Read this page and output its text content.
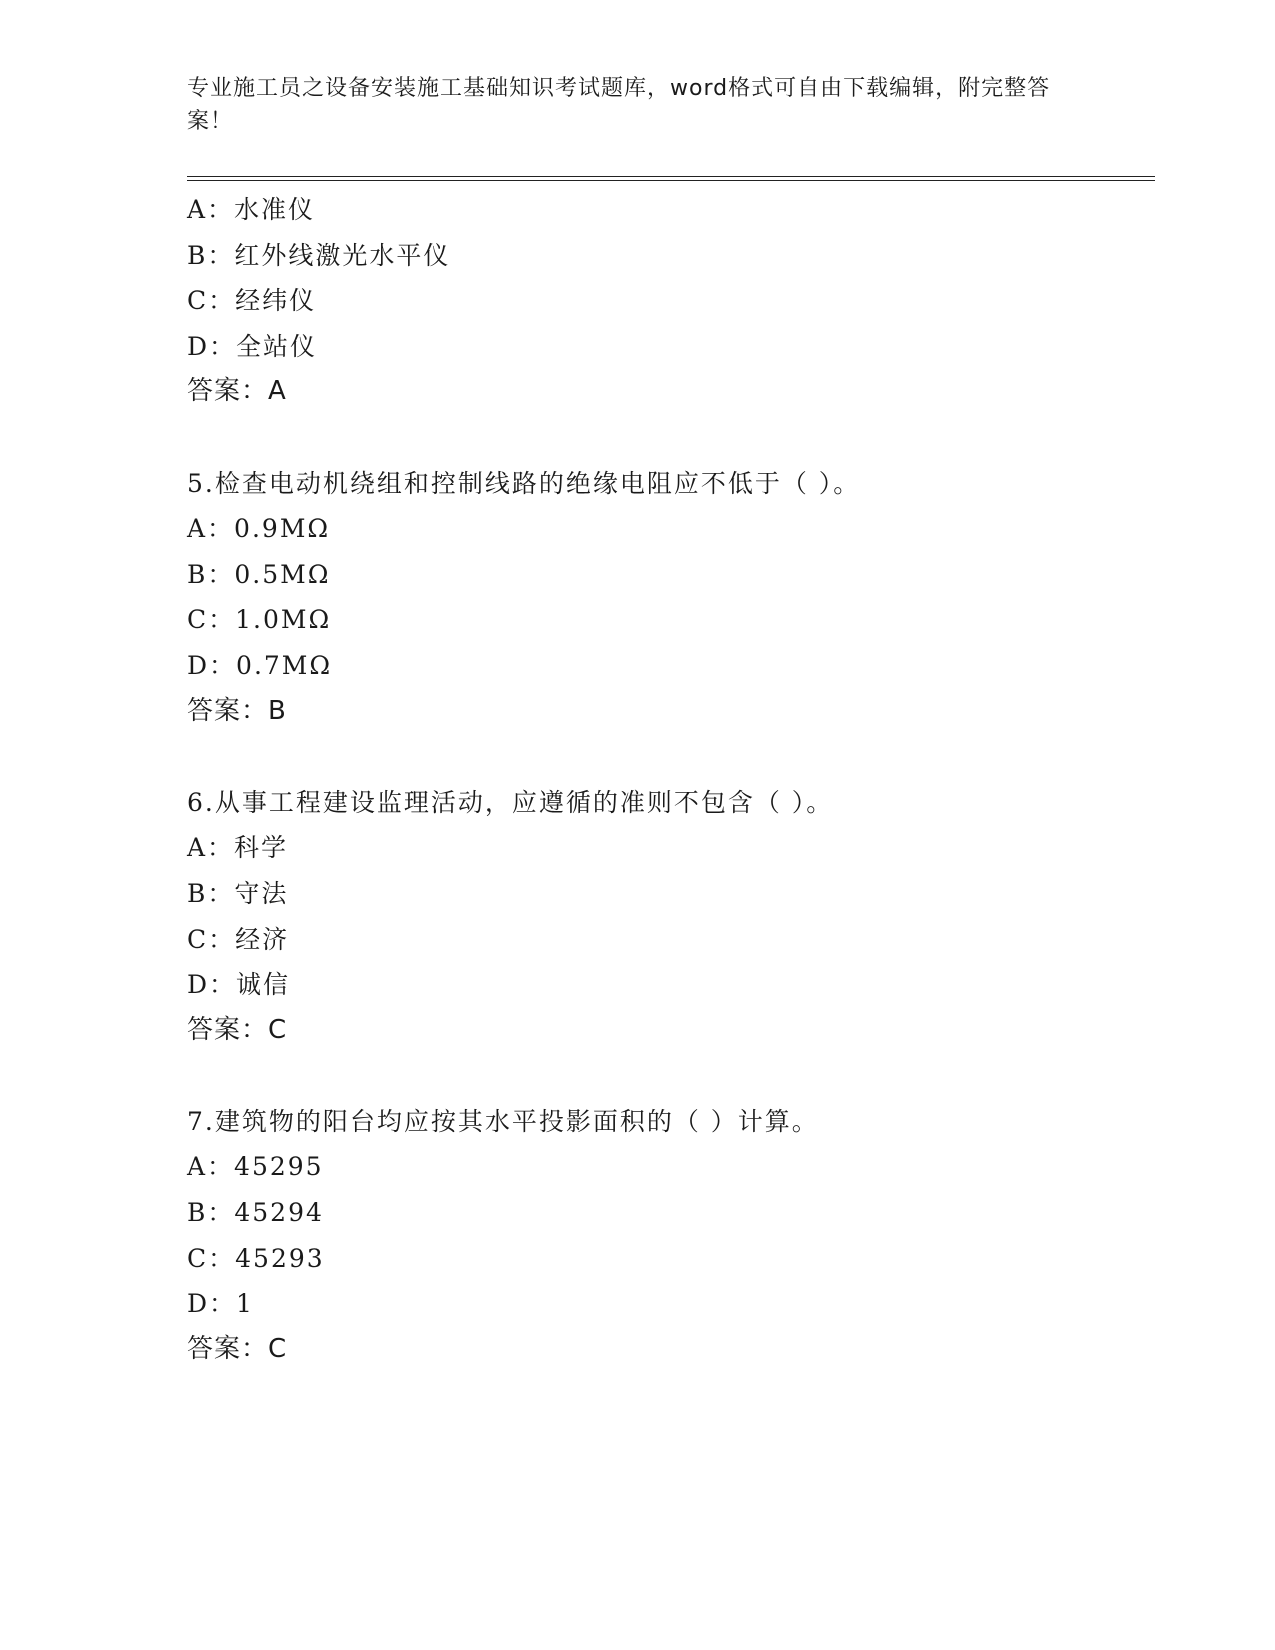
专业施工员之设备安装施工基础知识考试题库，word格式可自由下载编辑，附完整答案！
A：水准仪
B：红外线激光水平仪
C：经纬仪
D：全站仪
答案：A
5.检查电动机绕组和控制线路的绝缘电阻应不低于（ ）。
A：0.9MΩ
B：0.5MΩ
C：1.0MΩ
D：0.7MΩ
答案：B
6.从事工程建设监理活动，应遵循的准则不包含（ ）。
A：科学
B：守法
C：经济
D：诚信
答案：C
7.建筑物的阳台均应按其水平投影面积的（ ）计算。
A：45295
B：45294
C：45293
D：1
答案：C
